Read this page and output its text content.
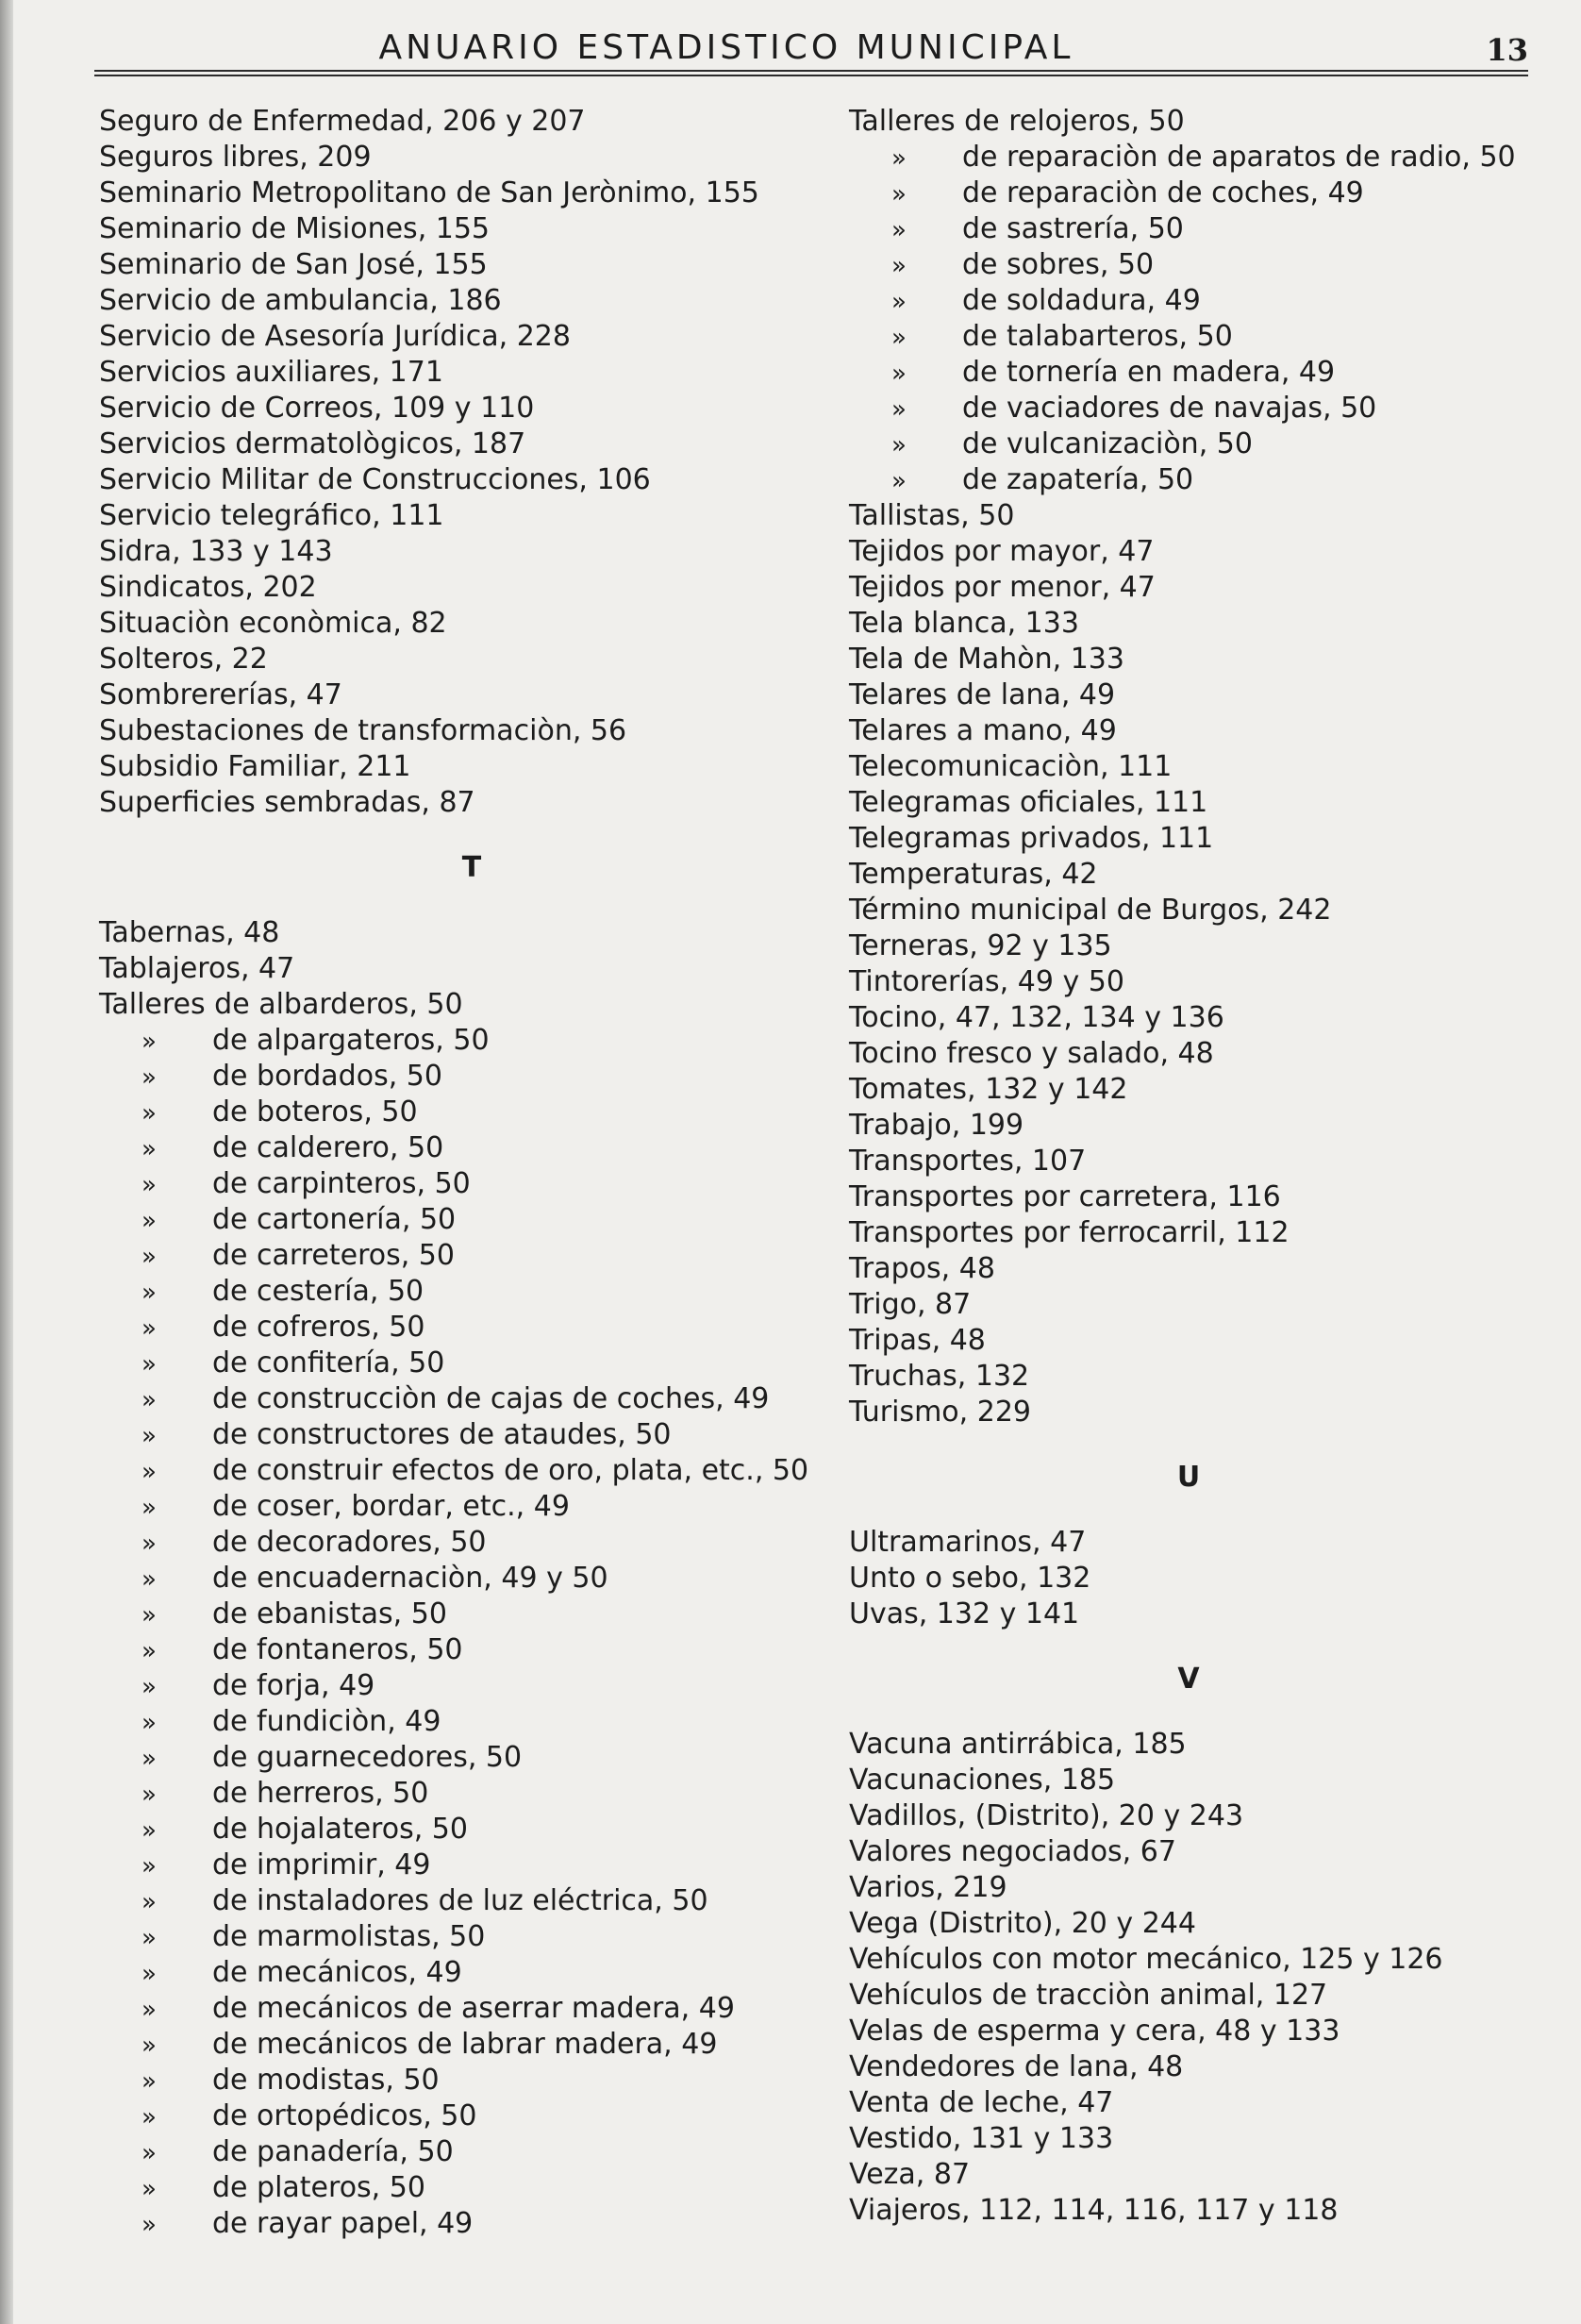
ANUARIO ESTADISTICO MUNICIPAL	13
Seguro de Enfermedad, 206 y 207
Seguros libres, 209
Seminario Metropolitano de San Jerònimo, 155
Seminario de Misiones, 155
Seminario de San José, 155
Servicio de ambulancia, 186
Servicio de Asesoría Jurídica, 228
Servicios auxiliares, 171
Servicio de Correos, 109 y 110
Servicios dermatològicos, 187
Servicio Militar de Construcciones, 106
Servicio telegráfico, 111
Sidra, 133 y 143
Sindicatos, 202
Situaciòn econòmica, 82
Solteros, 22
Sombrererías, 47
Subestaciones de transformaciòn, 56
Subsidio Familiar, 211
Superficies sembradas, 87
T
Tabernas, 48
Tablajeros, 47
Talleres de albarderos, 50
» de alpargateros, 50
» de bordados, 50
» de boteros, 50
» de calderero, 50
» de carpinteros, 50
» de cartonería, 50
» de carreteros, 50
» de cestería, 50
» de cofreros, 50
» de confitería, 50
» de construcciòn de cajas de coches, 49
» de constructores de ataudes, 50
» de construir efectos de oro, plata, etc., 50
» de coser, bordar, etc., 49
» de decoradores, 50
» de encuadernaciòn, 49 y 50
» de ebanistas, 50
» de fontaneros, 50
» de forja, 49
» de fundiciòn, 49
» de guarnecedores, 50
» de herreros, 50
» de hojalateros, 50
» de imprimir, 49
» de instaladores de luz eléctrica, 50
» de marmolistas, 50
» de mecánicos, 49
» de mecánicos de aserrar madera, 49
» de mecánicos de labrar madera, 49
» de modistas, 50
» de ortopédicos, 50
» de panadería, 50
» de plateros, 50
» de rayar papel, 49
Talleres de relojeros, 50
» de reparaciòn de aparatos de radio, 50
» de reparaciòn de coches, 49
» de sastrería, 50
» de sobres, 50
» de soldadura, 49
» de talabarteros, 50
» de tornería en madera, 49
» de vaciadores de navajas, 50
» de vulcanizaciòn, 50
» de zapatería, 50
Tallistas, 50
Tejidos por mayor, 47
Tejidos por menor, 47
Tela blanca, 133
Tela de Mahòn, 133
Telares de lana, 49
Telares a mano, 49
Telecomunicaciòn, 111
Telegramas oficiales, 111
Telegramas privados, 111
Temperaturas, 42
Término municipal de Burgos, 242
Terneras, 92 y 135
Tintorerías, 49 y 50
Tocino, 47, 132, 134 y 136
Tocino fresco y salado, 48
Tomates, 132 y 142
Trabajo, 199
Transportes, 107
Transportes por carretera, 116
Transportes por ferrocarril, 112
Trapos, 48
Trigo, 87
Tripas, 48
Truchas, 132
Turismo, 229
U
Ultramarinos, 47
Unto o sebo, 132
Uvas, 132 y 141
V
Vacuna antirrábica, 185
Vacunaciones, 185
Vadillos, (Distrito), 20 y 243
Valores negociados, 67
Varios, 219
Vega (Distrito), 20 y 244
Vehículos con motor mecánico, 125 y 126
Vehículos de tracciòn animal, 127
Velas de esperma y cera, 48 y 133
Vendedores de lana, 48
Venta de leche, 47
Vestido, 131 y 133
Veza, 87
Viajeros, 112, 114, 116, 117 y 118
